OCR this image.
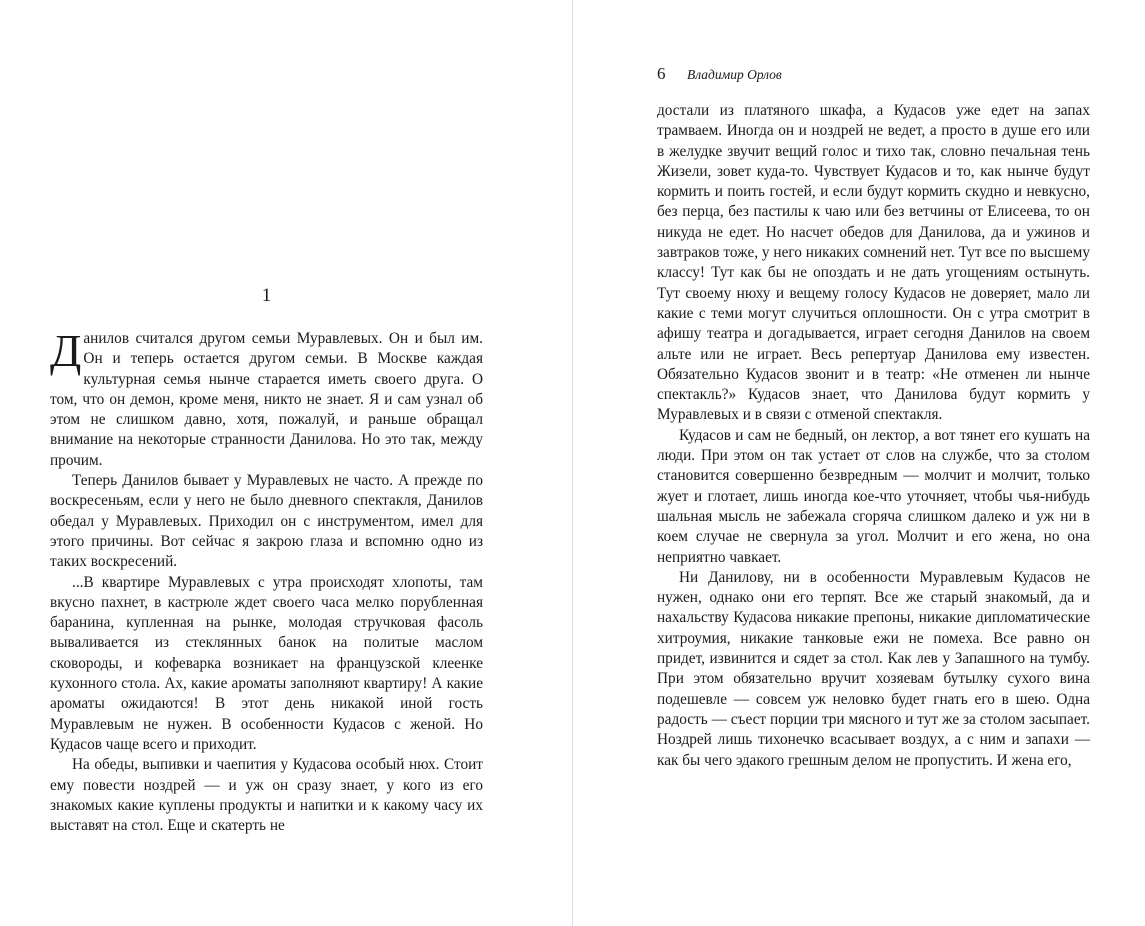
1

Данилов считался другом семьи Муравлевых. Он и был им. Он и теперь остается другом семьи. В Москве каждая культурная семья нынче старается иметь своего друга. О том, что он демон, кроме меня, никто не знает. Я и сам узнал об этом не слишком давно, хотя, пожалуй, и раньше обращал внимание на некоторые странности Данилова. Но это так, между прочим.

Теперь Данилов бывает у Муравлевых не часто. А прежде по воскресеньям, если у него не было дневного спектакля, Данилов обедал у Муравлевых. Приходил он с инструментом, имел для этого причины. Вот сейчас я закрою глаза и вспомню одно из таких воскресений.

...В квартире Муравлевых с утра происходят хлопоты, там вкусно пахнет, в кастрюле ждет своего часа мелко порубленная баранина, купленная на рынке, молодая стручковая фасоль вываливается из стеклянных банок на политые маслом сковороды, и кофеварка возникает на французской клеенке кухонного стола. Ах, какие ароматы заполняют квартиру! А какие ароматы ожидаются! В этот день никакой иной гость Муравлевым не нужен. В особенности Кудасов с женой. Но Кудасов чаще всего и приходит.

На обеды, выпивки и чаепития у Кудасова особый нюх. Стоит ему повести ноздрей — и уж он сразу знает, у кого из его знакомых какие куплены продукты и напитки и к какому часу их выставят на стол. Еще и скатерть не

6 Владимир Орлов

достали из платяного шкафа, а Кудасов уже едет на запах трамваем. Иногда он и ноздрей не ведет, а просто в душе его или в желудке звучит вещий голос и тихо так, словно печальная тень Жизели, зовет куда-то. Чувствует Кудасов и то, как нынче будут кормить и поить гостей, и если будут кормить скудно и невкусно, без перца, без пастилы к чаю или без ветчины от Елисеева, то он никуда не едет. Но насчет обедов для Данилова, да и ужинов и завтраков тоже, у него никаких сомнений нет. Тут все по высшему классу! Тут как бы не опоздать и не дать угощениям остынуть. Тут своему нюху и вещему голосу Кудасов не доверяет, мало ли какие с теми могут случиться оплошности. Он с утра смотрит в афишу театра и догадывается, играет сегодня Данилов на своем альте или не играет. Весь репертуар Данилова ему известен. Обязательно Кудасов звонит и в театр: «Не отменен ли нынче спектакль?» Кудасов знает, что Данилова будут кормить у Муравлевых и в связи с отменой спектакля.

Кудасов и сам не бедный, он лектор, а вот тянет его кушать на люди. При этом он так устает от слов на службе, что за столом становится совершенно безвредным — молчит и молчит, только жует и глотает, лишь иногда кое-что уточняет, чтобы чья-нибудь шальная мысль не забежала сгоряча слишком далеко и уж ни в коем случае не свернула за угол. Молчит и его жена, но она неприятно чавкает.

Ни Данилову, ни в особенности Муравлевым Кудасов не нужен, однако они его терпят. Все же старый знакомый, да и нахальству Кудасова никакие препоны, никакие дипломатические хитроумия, никакие танковые ежи не помеха. Все равно он придет, извинится и сядет за стол. Как лев у Запашного на тумбу. При этом обязательно вручит хозяевам бутылку сухого вина подешевле — совсем уж неловко будет гнать его в шею. Одна радость — съест порции три мясного и тут же за столом засыпает. Ноздрей лишь тихонечко всасывает воздух, а с ним и запахи — как бы чего эдакого грешным делом не пропустить. И жена его,
